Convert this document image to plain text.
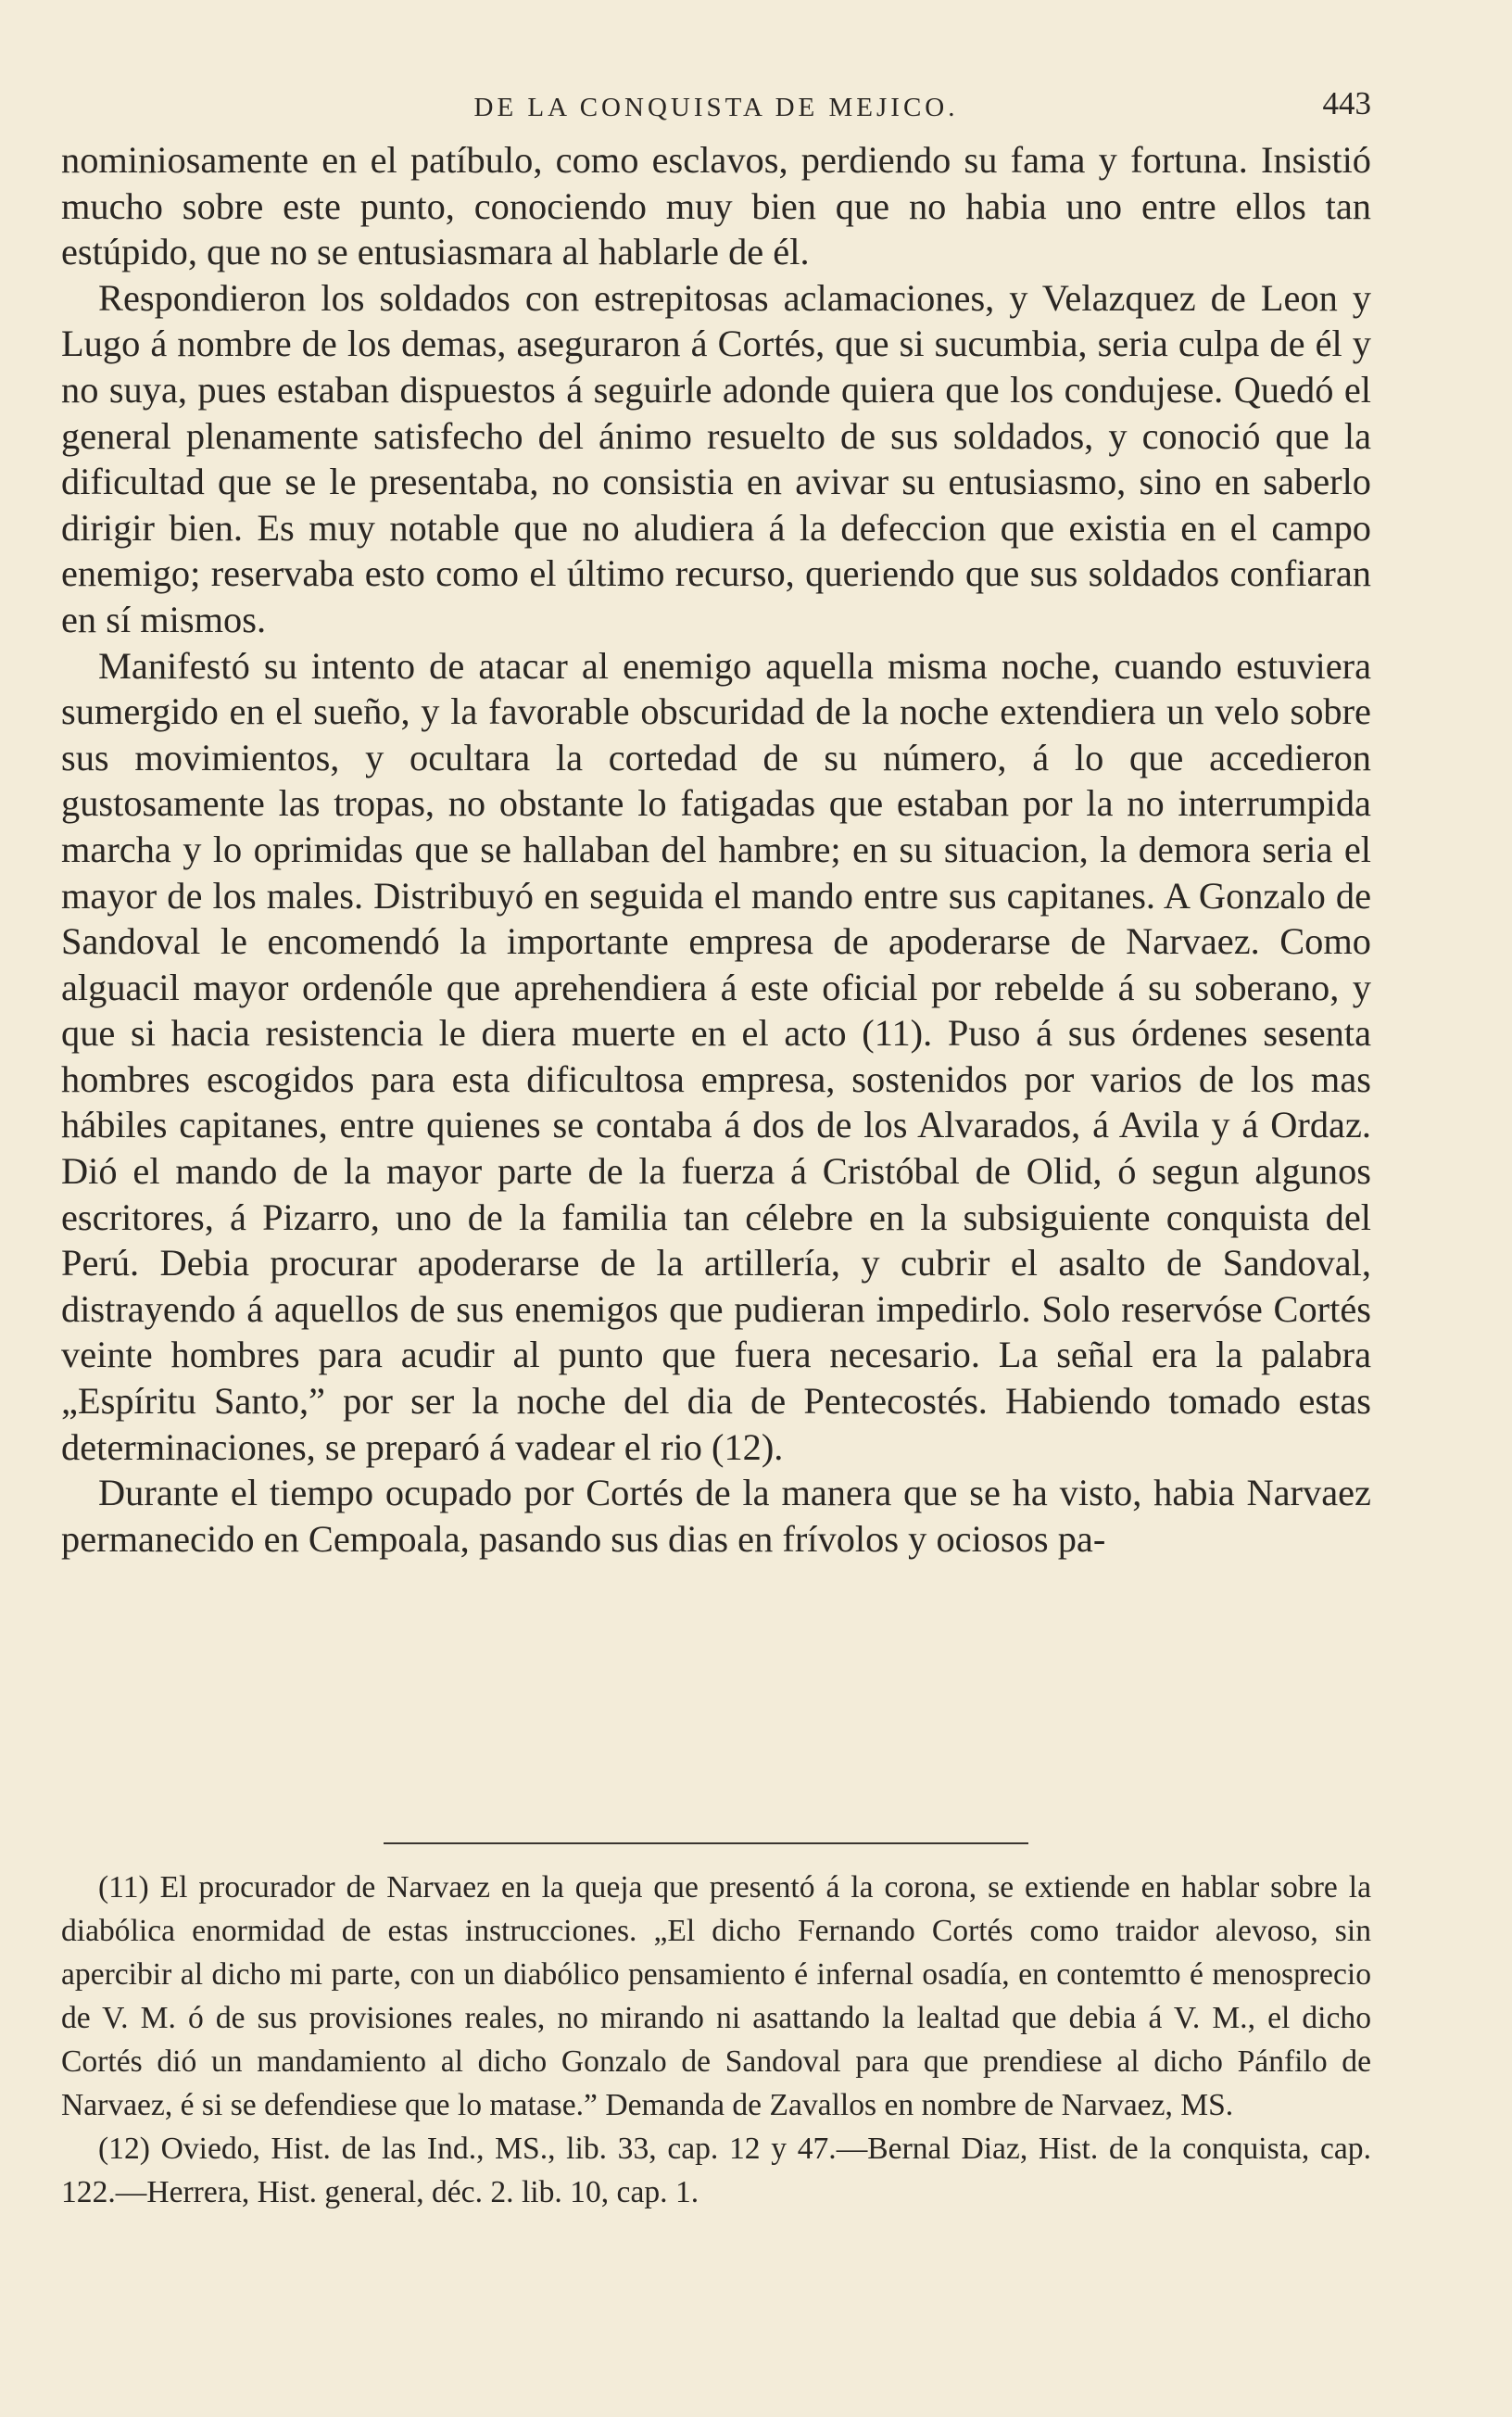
DE LA CONQUISTA DE MEJICO.	443

nominiosamente en el patíbulo, como esclavos, perdiendo su fama y fortuna. Insistió mucho sobre este punto, conociendo muy bien que no habia uno entre ellos tan estúpido, que no se entusiasmara al hablarle de él.

Respondieron los soldados con estrepitosas aclamaciones, y Velazquez de Leon y Lugo á nombre de los demas, aseguraron á Cortés, que si sucumbia, seria culpa de él y no suya, pues estaban dispuestos á seguirle adonde quiera que los condujese. Quedó el general plenamente satisfecho del ánimo resuelto de sus soldados, y conoció que la dificultad que se le presentaba, no consistia en avivar su entusiasmo, sino en saberlo dirigir bien. Es muy notable que no aludiera á la defeccion que existia en el campo enemigo; reservaba esto como el último recurso, queriendo que sus soldados confiaran en sí mismos.

Manifestó su intento de atacar al enemigo aquella misma noche, cuando estuviera sumergido en el sueño, y la favorable obscuridad de la noche extendiera un velo sobre sus movimientos, y ocultara la cortedad de su número, á lo que accedieron gustosamente las tropas, no obstante lo fatigadas que estaban por la no interrumpida marcha y lo oprimidas que se hallaban del hambre; en su situacion, la demora seria el mayor de los males. Distribuyó en seguida el mando entre sus capitanes. A Gonzalo de Sandoval le encomendó la importante empresa de apoderarse de Narvaez. Como alguacil mayor ordenóle que aprehendiera á este oficial por rebelde á su soberano, y que si hacia resistencia le diera muerte en el acto (11). Puso á sus órdenes sesenta hombres escogidos para esta dificultosa empresa, sostenidos por varios de los mas hábiles capitanes, entre quienes se contaba á dos de los Alvarados, á Avila y á Ordaz. Dió el mando de la mayor parte de la fuerza á Cristóbal de Olid, ó segun algunos escritores, á Pizarro, uno de la familia tan célebre en la subsiguiente conquista del Perú. Debia procurar apoderarse de la artillería, y cubrir el asalto de Sandoval, distrayendo á aquellos de sus enemigos que pudieran impedirlo. Solo reservóse Cortés veinte hombres para acudir al punto que fuera necesario. La señal era la palabra „Espíritu Santo,” por ser la noche del dia de Pentecostés. Habiendo tomado estas determinaciones, se preparó á vadear el rio (12).

Durante el tiempo ocupado por Cortés de la manera que se ha visto, habia Narvaez permanecido en Cempoala, pasando sus dias en frívolos y ociosos pa-

(11) El procurador de Narvaez en la queja que presentó á la corona, se extiende en hablar sobre la diabólica enormidad de estas instrucciones. „El dicho Fernando Cortés como traidor alevoso, sin apercibir al dicho mi parte, con un diabólico pensamiento é infernal osadía, en contemtto é menosprecio de V. M. ó de sus provisiones reales, no mirando ni asattando la lealtad que debia á V. M., el dicho Cortés dió un mandamiento al dicho Gonzalo de Sandoval para que prendiese al dicho Pánfilo de Narvaez, é si se defendiese que lo matase.” Demanda de Zavallos en nombre de Narvaez, MS.

(12) Oviedo, Hist. de las Ind., MS., lib. 33, cap. 12 y 47.—Bernal Diaz, Hist. de la conquista, cap. 122.—Herrera, Hist. general, déc. 2. lib. 10, cap. 1.
